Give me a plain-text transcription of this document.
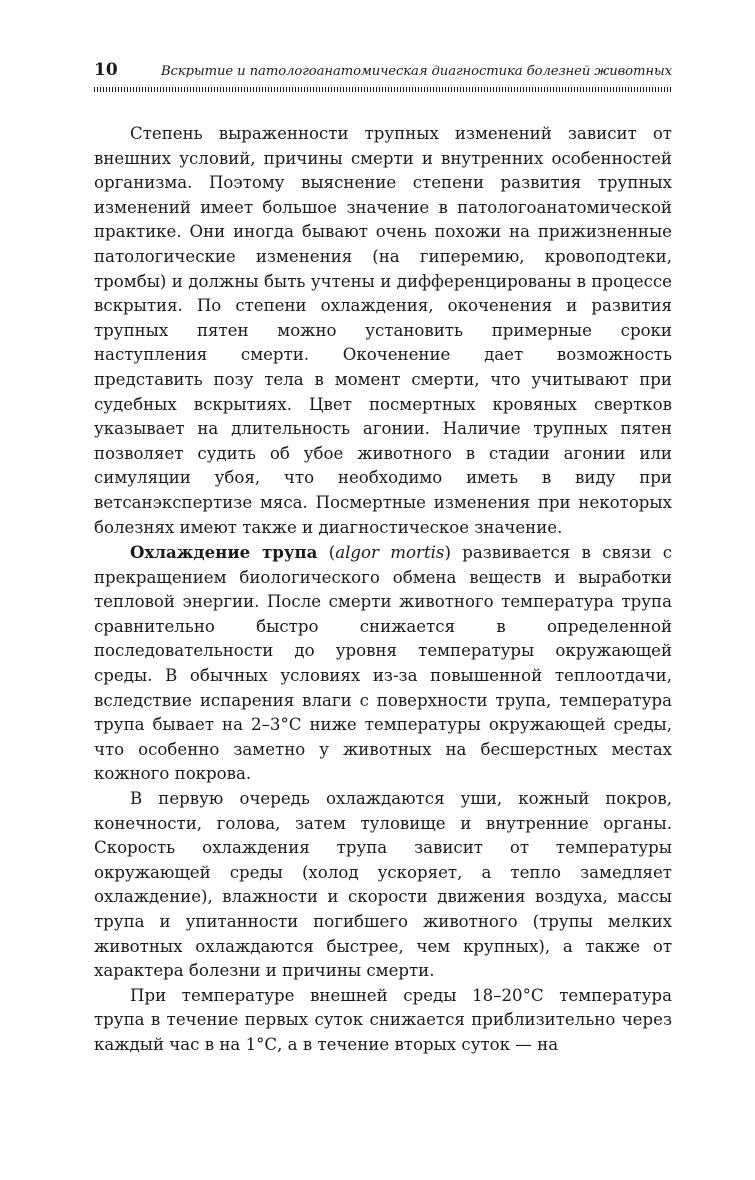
10	Вскрытие и патологоанатомическая диагностика болезней животных

Степень выраженности трупных изменений зависит от внешних условий, причины смерти и внутренних особенностей организма. Поэтому выяснение степени развития трупных изменений имеет большое значение в патологоанатомической практике. Они иногда бывают очень похожи на прижизненные патологические изменения (на гиперемию, кровоподтеки, тромбы) и должны быть учтены и дифференцированы в процессе вскрытия. По степени охлаждения, окоченения и развития трупных пятен можно установить примерные сроки наступления смерти. Окоченение дает возможность представить позу тела в момент смерти, что учитывают при судебных вскрытиях. Цвет посмертных кровяных свертков указывает на длительность агонии. Наличие трупных пятен позволяет судить об убое животного в стадии агонии или симуляции убоя, что необходимо иметь в виду при ветсанэкспертизе мяса. Посмертные изменения при некоторых болезнях имеют также и диагностическое значение.

Охлаждение трупа (algor mortis) развивается в связи с прекращением биологического обмена веществ и выработки тепловой энергии. После смерти животного температура трупа сравнительно быстро снижается в определенной последовательности до уровня температуры окружающей среды. В обычных условиях из-за повышенной теплоотдачи, вследствие испарения влаги с поверхности трупа, температура трупа бывает на 2–3°С ниже температуры окружающей среды, что особенно заметно у животных на бесшерстных местах кожного покрова.

В первую очередь охлаждаются уши, кожный покров, конечности, голова, затем туловище и внутренние органы. Скорость охлаждения трупа зависит от температуры окружающей среды (холод ускоряет, а тепло замедляет охлаждение), влажности и скорости движения воздуха, массы трупа и упитанности погибшего животного (трупы мелких животных охлаждаются быстрее, чем крупных), а также от характера болезни и причины смерти.

При температуре внешней среды 18–20°С температура трупа в течение первых суток снижается приблизительно через каждый час в на 1°С, а в течение вторых суток — на
